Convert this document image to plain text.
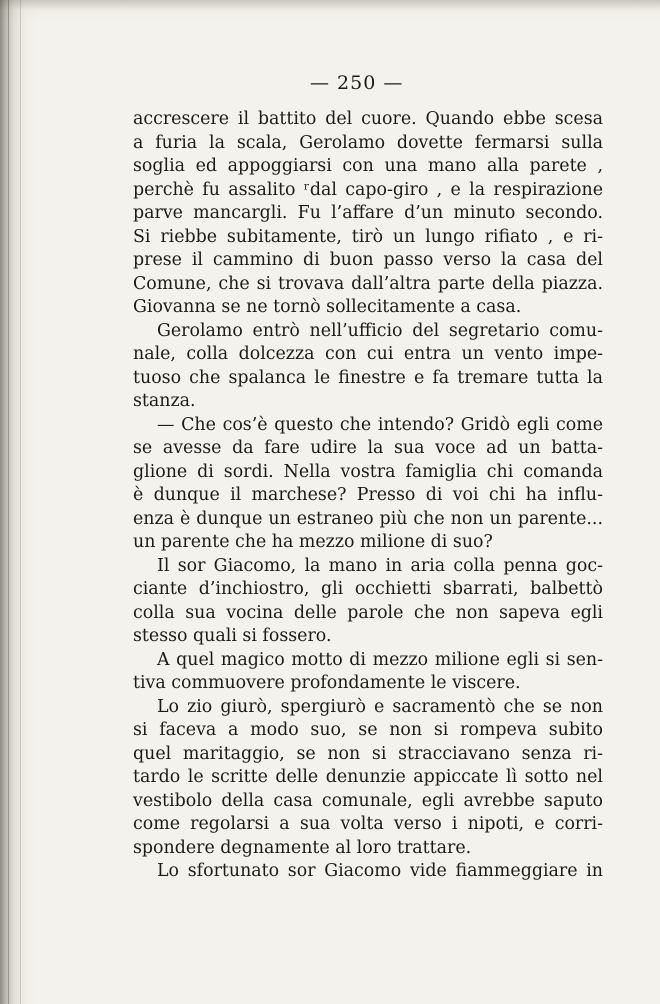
— 250 —
accrescere il battito del cuore. Quando ebbe scesa
a furia la scala, Gerolamo dovette fermarsi sulla
soglia ed appoggiarsi con una mano alla parete ,
perchè fu assalito ʳdal capo-giro , e la respirazione
parve mancargli. Fu l’affare d’un minuto secondo.
Si riebbe subitamente, tirò un lungo rifiato , e ri-
prese il cammino di buon passo verso la casa del
Comune, che si trovava dall’altra parte della piazza.
Giovanna se ne tornò sollecitamente a casa.
Gerolamo entrò nell’ufficio del segretario comu-
nale, colla dolcezza con cui entra un vento impe-
tuoso che spalanca le finestre e fa tremare tutta la
stanza.
— Che cos’è questo che intendo? Gridò egli come
se avesse da fare udire la sua voce ad un batta-
glione di sordi. Nella vostra famiglia chi comanda
è dunque il marchese? Presso di voi chi ha influ-
enza è dunque un estraneo più che non un parente...
un parente che ha mezzo milione di suo?
Il sor Giacomo, la mano in aria colla penna goc-
ciante d’inchiostro, gli occhietti sbarrati, balbettò
colla sua vocina delle parole che non sapeva egli
stesso quali si fossero.
A quel magico motto di mezzo milione egli si sen-
tiva commuovere profondamente le viscere.
Lo zio giurò, spergiurò e sacramentò che se non
si faceva a modo suo, se non si rompeva subito
quel maritaggio, se non si stracciavano senza ri-
tardo le scritte delle denunzie appiccate lì sotto nel
vestibolo della casa comunale, egli avrebbe saputo
come regolarsi a sua volta verso i nipoti, e corri-
spondere degnamente al loro trattare.
Lo sfortunato sor Giacomo vide fiammeggiare in
